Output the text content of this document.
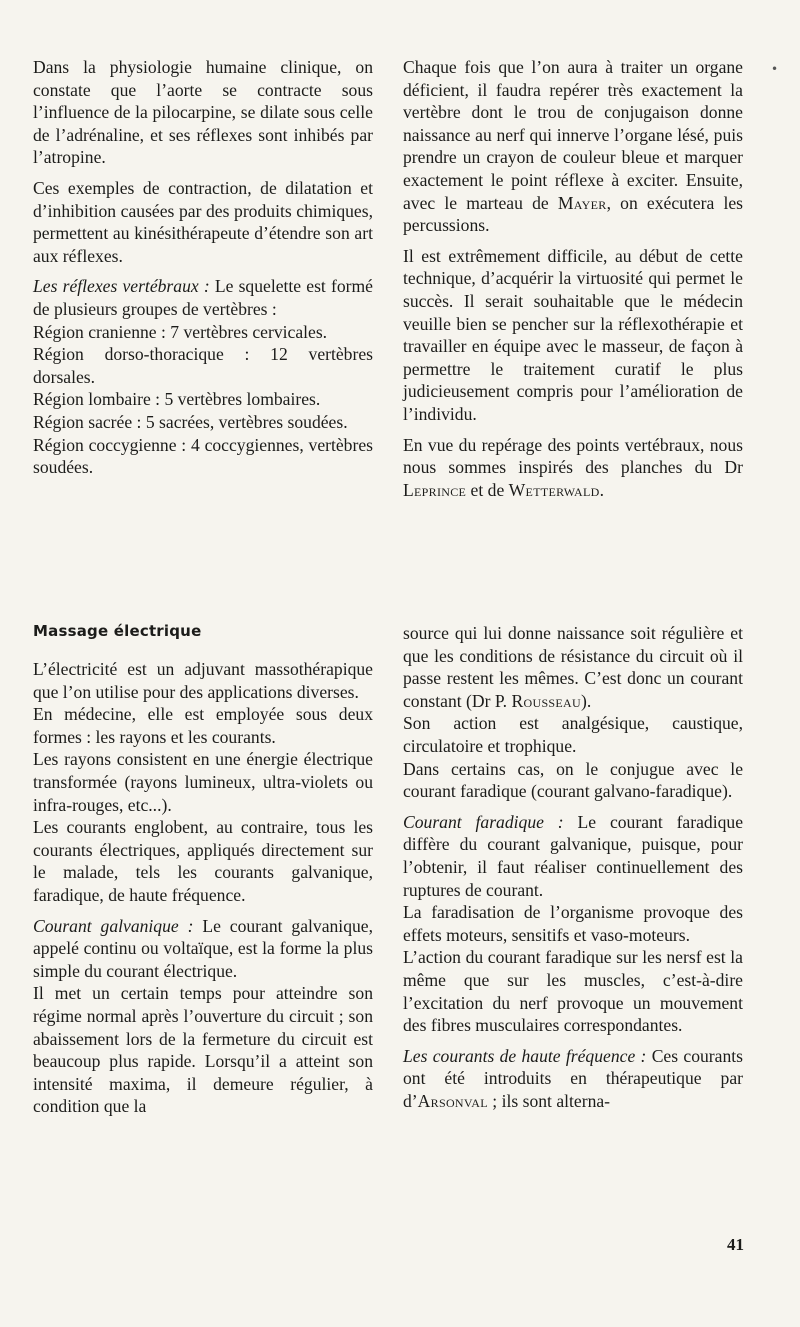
•

Dans la physiologie humaine clinique, on constate que l’aorte se contracte sous l’influence de la pilocarpine, se dilate sous celle de l’adrénaline, et ses réflexes sont inhibés par l’atropine.

Ces exemples de contraction, de dilatation et d’inhibition causées par des produits chimiques, permettent au kinésithérapeute d’étendre son art aux réflexes.

Les réflexes vertébraux : Le squelette est formé de plusieurs groupes de vertèbres :

Région cranienne : 7 vertèbres cervicales.

Région dorso-thoracique : 12 vertèbres dorsales.

Région lombaire : 5 vertèbres lombaires.

Région sacrée : 5 sacrées, vertèbres soudées.

Région coccygienne : 4 coccygiennes, vertèbres soudées.

Chaque fois que l’on aura à traiter un organe déficient, il faudra repérer très exactement la vertèbre dont le trou de conjugaison donne naissance au nerf qui innerve l’organe lésé, puis prendre un crayon de couleur bleue et marquer exactement le point réflexe à exciter. Ensuite, avec le marteau de Mayer, on exécutera les percussions.

Il est extrêmement difficile, au début de cette technique, d’acquérir la virtuosité qui permet le succès. Il serait souhaitable que le médecin veuille bien se pencher sur la réflexothérapie et travailler en équipe avec le masseur, de façon à permettre le traitement curatif le plus judicieusement compris pour l’amélioration de l’individu.

En vue du repérage des points vertébraux, nous nous sommes inspirés des planches du Dr Leprince et de Wetterwald.

Massage électrique

L’électricité est un adjuvant massothérapique que l’on utilise pour des applications diverses.

En médecine, elle est employée sous deux formes : les rayons et les courants.

Les rayons consistent en une énergie électrique transformée (rayons lumineux, ultra-violets ou infra-rouges, etc...).

Les courants englobent, au contraire, tous les courants électriques, appliqués directement sur le malade, tels les courants galvanique, faradique, de haute fréquence.

Courant galvanique : Le courant galvanique, appelé continu ou voltaïque, est la forme la plus simple du courant électrique.

Il met un certain temps pour atteindre son régime normal après l’ouverture du circuit ; son abaissement lors de la fermeture du circuit est beaucoup plus rapide. Lorsqu’il a atteint son intensité maxima, il demeure régulier, à condition que la

source qui lui donne naissance soit régulière et que les conditions de résistance du circuit où il passe restent les mêmes. C’est donc un courant constant (Dr P. Rousseau).

Son action est analgésique, caustique, circulatoire et trophique.

Dans certains cas, on le conjugue avec le courant faradique (courant galvano-faradique).

Courant faradique : Le courant faradique diffère du courant galvanique, puisque, pour l’obtenir, il faut réaliser continuellement des ruptures de courant.

La faradisation de l’organisme provoque des effets moteurs, sensitifs et vaso-moteurs.

L’action du courant faradique sur les nersf est la même que sur les muscles, c’est-à-dire l’excitation du nerf provoque un mouvement des fibres musculaires correspondantes.

Les courants de haute fréquence : Ces courants ont été introduits en thérapeutique par d’Arsonval ; ils sont alterna-

41
